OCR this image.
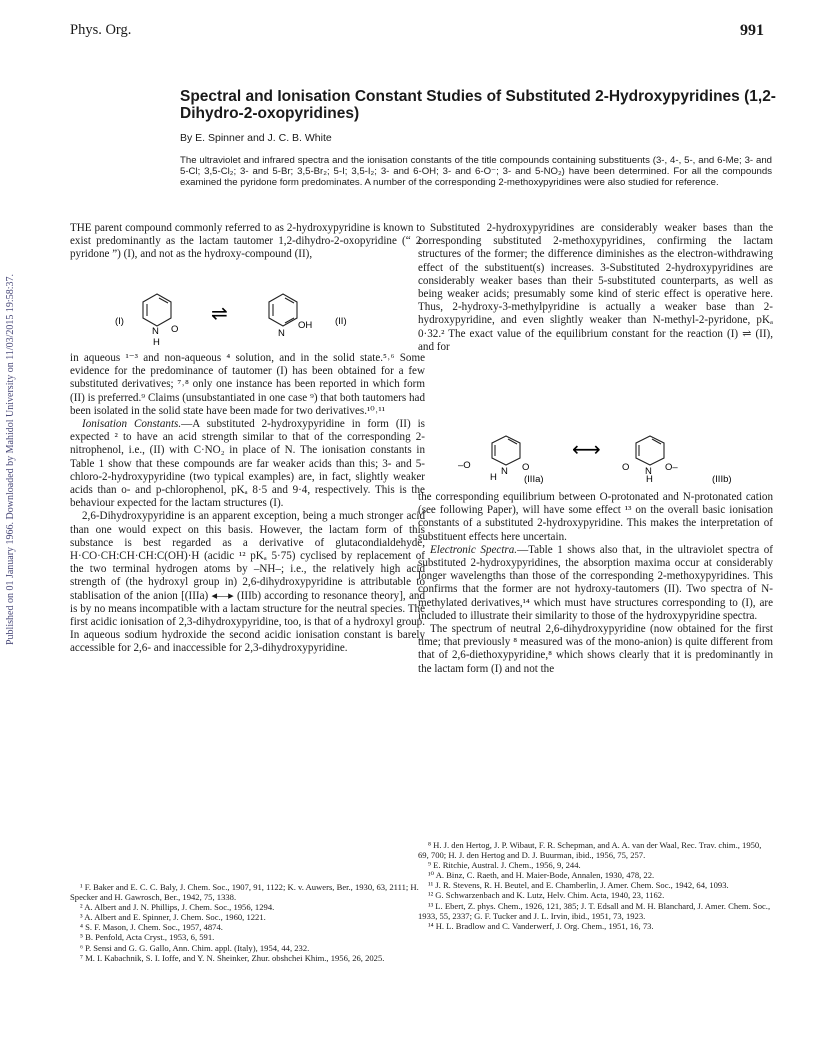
Phys. Org.	991
Spectral and Ionisation Constant Studies of Substituted 2-Hydroxypyridines (1,2-Dihydro-2-oxopyridines)
By E. Spinner and J. C. B. White
The ultraviolet and infrared spectra and the ionisation constants of the title compounds containing substituents (3-, 4-, 5-, and 6-Me; 3- and 5-Cl; 3,5-Cl₂; 3- and 5-Br; 3,5-Br₂; 5-I; 3,5-I₂; 3- and 6-OH; 3- and 6-O⁻; 3- and 5-NO₂) have been determined. For all the compounds examined the pyridone form predominates. A number of the corresponding 2-methoxypyridines were also studied for reference.
Published on 01 January 1966. Downloaded by Mahidol University on 11/03/2015 19:58:37.

THE parent compound commonly referred to as 2-hydroxypyridine is known to exist predominantly as the lactam tautomer 1,2-dihydro-2-oxopyridine (“ 2-pyridone ”) (I), and not as the hydroxy-compound (II),

(I)
N
H
O
⇌
N
OH (II)

in aqueous ¹⁻³ and non-aqueous ⁴ solution, and in the solid state.⁵˒⁶ Some evidence for the predominance of tautomer (I) has been obtained for a few substituted derivatives; ⁷˒⁸ only one instance has been reported in which form (II) is preferred.⁹ Claims (unsubstantiated in one case ⁹) that both tautomers had been isolated in the solid state have been made for two derivatives.¹⁰˒¹¹

Ionisation Constants.—A substituted 2-hydroxypyridine in form (II) is expected ² to have an acid strength similar to that of the corresponding 2-nitrophenol, i.e., (II) with C·NO₂ in place of N. The ionisation constants in Table 1 show that these compounds are far weaker acids than this; 3- and 5-chloro-2-hydroxypyridine (two typical examples) are, in fact, slightly weaker acids than o- and p-chlorophenol, pKₐ 8·5 and 9·4, respectively. This is the behaviour expected for the lactam structures (I).

2,6-Dihydroxypyridine is an apparent exception, being a much stronger acid than one would expect on this basis. However, the lactam form of this substance is best regarded as a derivative of glutacondialdehyde, H·CO·CH:CH·CH:C(OH)·H (acidic ¹² pKₐ 5·75) cyclised by replacement of the two terminal hydrogen atoms by –NH–; i.e., the relatively high acid strength of (the hydroxyl group in) 2,6-dihydroxypyridine is attributable to stablisation of the anion [(IIIa) ◂—▸ (IIIb) according to resonance theory], and is by no means incompatible with a lactam structure for the neutral species. The first acidic ionisation of 2,3-dihydroxypyridine, too, is that of a hydroxyl group. In aqueous sodium hydroxide the second acidic ionisation constant is barely accessible for 2,6- and inaccessible for 2,3-dihydroxypyridine.

¹ F. Baker and E. C. C. Baly, J. Chem. Soc., 1907, 91, 1122; K. v. Auwers, Ber., 1930, 63, 2111; H. Specker and H. Gawrosch, Ber., 1942, 75, 1338.

² A. Albert and J. N. Phillips, J. Chem. Soc., 1956, 1294.

³ A. Albert and E. Spinner, J. Chem. Soc., 1960, 1221.

⁴ S. F. Mason, J. Chem. Soc., 1957, 4874.

⁵ B. Penfold, Acta Cryst., 1953, 6, 591.

⁶ P. Sensi and G. G. Gallo, Ann. Chim. appl. (Italy), 1954, 44, 232.

⁷ M. I. Kabachnik, S. I. Ioffe, and Y. N. Sheinker, Zhur. obshchei Khim., 1956, 26, 2025.

Substituted 2-hydroxypyridines are considerably weaker bases than the corresponding substituted 2-methoxypyridines, confirming the lactam structures of the former; the difference diminishes as the electron-withdrawing effect of the substituent(s) increases. 3-Substituted 2-hydroxypyridines are considerably weaker bases than their 5-substituted counterparts, as well as being weaker acids; presumably some kind of steric effect is operative here. Thus, 2-hydroxy-3-methylpyridine is actually a weaker base than 2-hydroxypyridine, and even slightly weaker than N-methyl-2-pyridone, pKₐ 0·32.² The exact value of the equilibrium constant for the reaction (I) ⇌ (II), and for

–O
N O
H	(IIIa)
⟷
O N O–
H	(IIIb)

the corresponding equilibrium between O-protonated and N-protonated cation (see following Paper), will have some effect ¹³ on the overall basic ionisation constants of a substituted 2-hydroxypyridine. This makes the interpretation of substituent effects here uncertain.

Electronic Spectra.—Table 1 shows also that, in the ultraviolet spectra of substituted 2-hydroxypyridines, the absorption maxima occur at considerably longer wavelengths than those of the corresponding 2-methoxypyridines. This confirms that the former are not hydroxy-tautomers (II). Two spectra of N-methylated derivatives,¹⁴ which must have structures corresponding to (I), are included to illustrate their similarity to those of the hydroxypyridine spectra.

The spectrum of neutral 2,6-dihydroxypyridine (now obtained for the first time; that previously ⁸ measured was of the mono-anion) is quite different from that of 2,6-diethoxypyridine,⁸ which shows clearly that it is predominantly in the lactam form (I) and not the

⁸ H. J. den Hertog, J. P. Wibaut, F. R. Schepman, and A. A. van der Waal, Rec. Trav. chim., 1950, 69, 700; H. J. den Hertog and D. J. Buurman, ibid., 1956, 75, 257.

⁹ E. Ritchie, Austral. J. Chem., 1956, 9, 244.

¹⁰ A. Binz, C. Raeth, and H. Maier-Bode, Annalen, 1930, 478, 22.

¹¹ J. R. Stevens, R. H. Beutel, and E. Chamberlin, J. Amer. Chem. Soc., 1942, 64, 1093.

¹² G. Schwarzenbach and K. Lutz, Helv. Chim. Acta, 1940, 23, 1162.

¹³ L. Ebert, Z. phys. Chem., 1926, 121, 385; J. T. Edsall and M. H. Blanchard, J. Amer. Chem. Soc., 1933, 55, 2337; G. F. Tucker and J. L. Irvin, ibid., 1951, 73, 1923.

¹⁴ H. L. Bradlow and C. Vanderwerf, J. Org. Chem., 1951, 16, 73.
